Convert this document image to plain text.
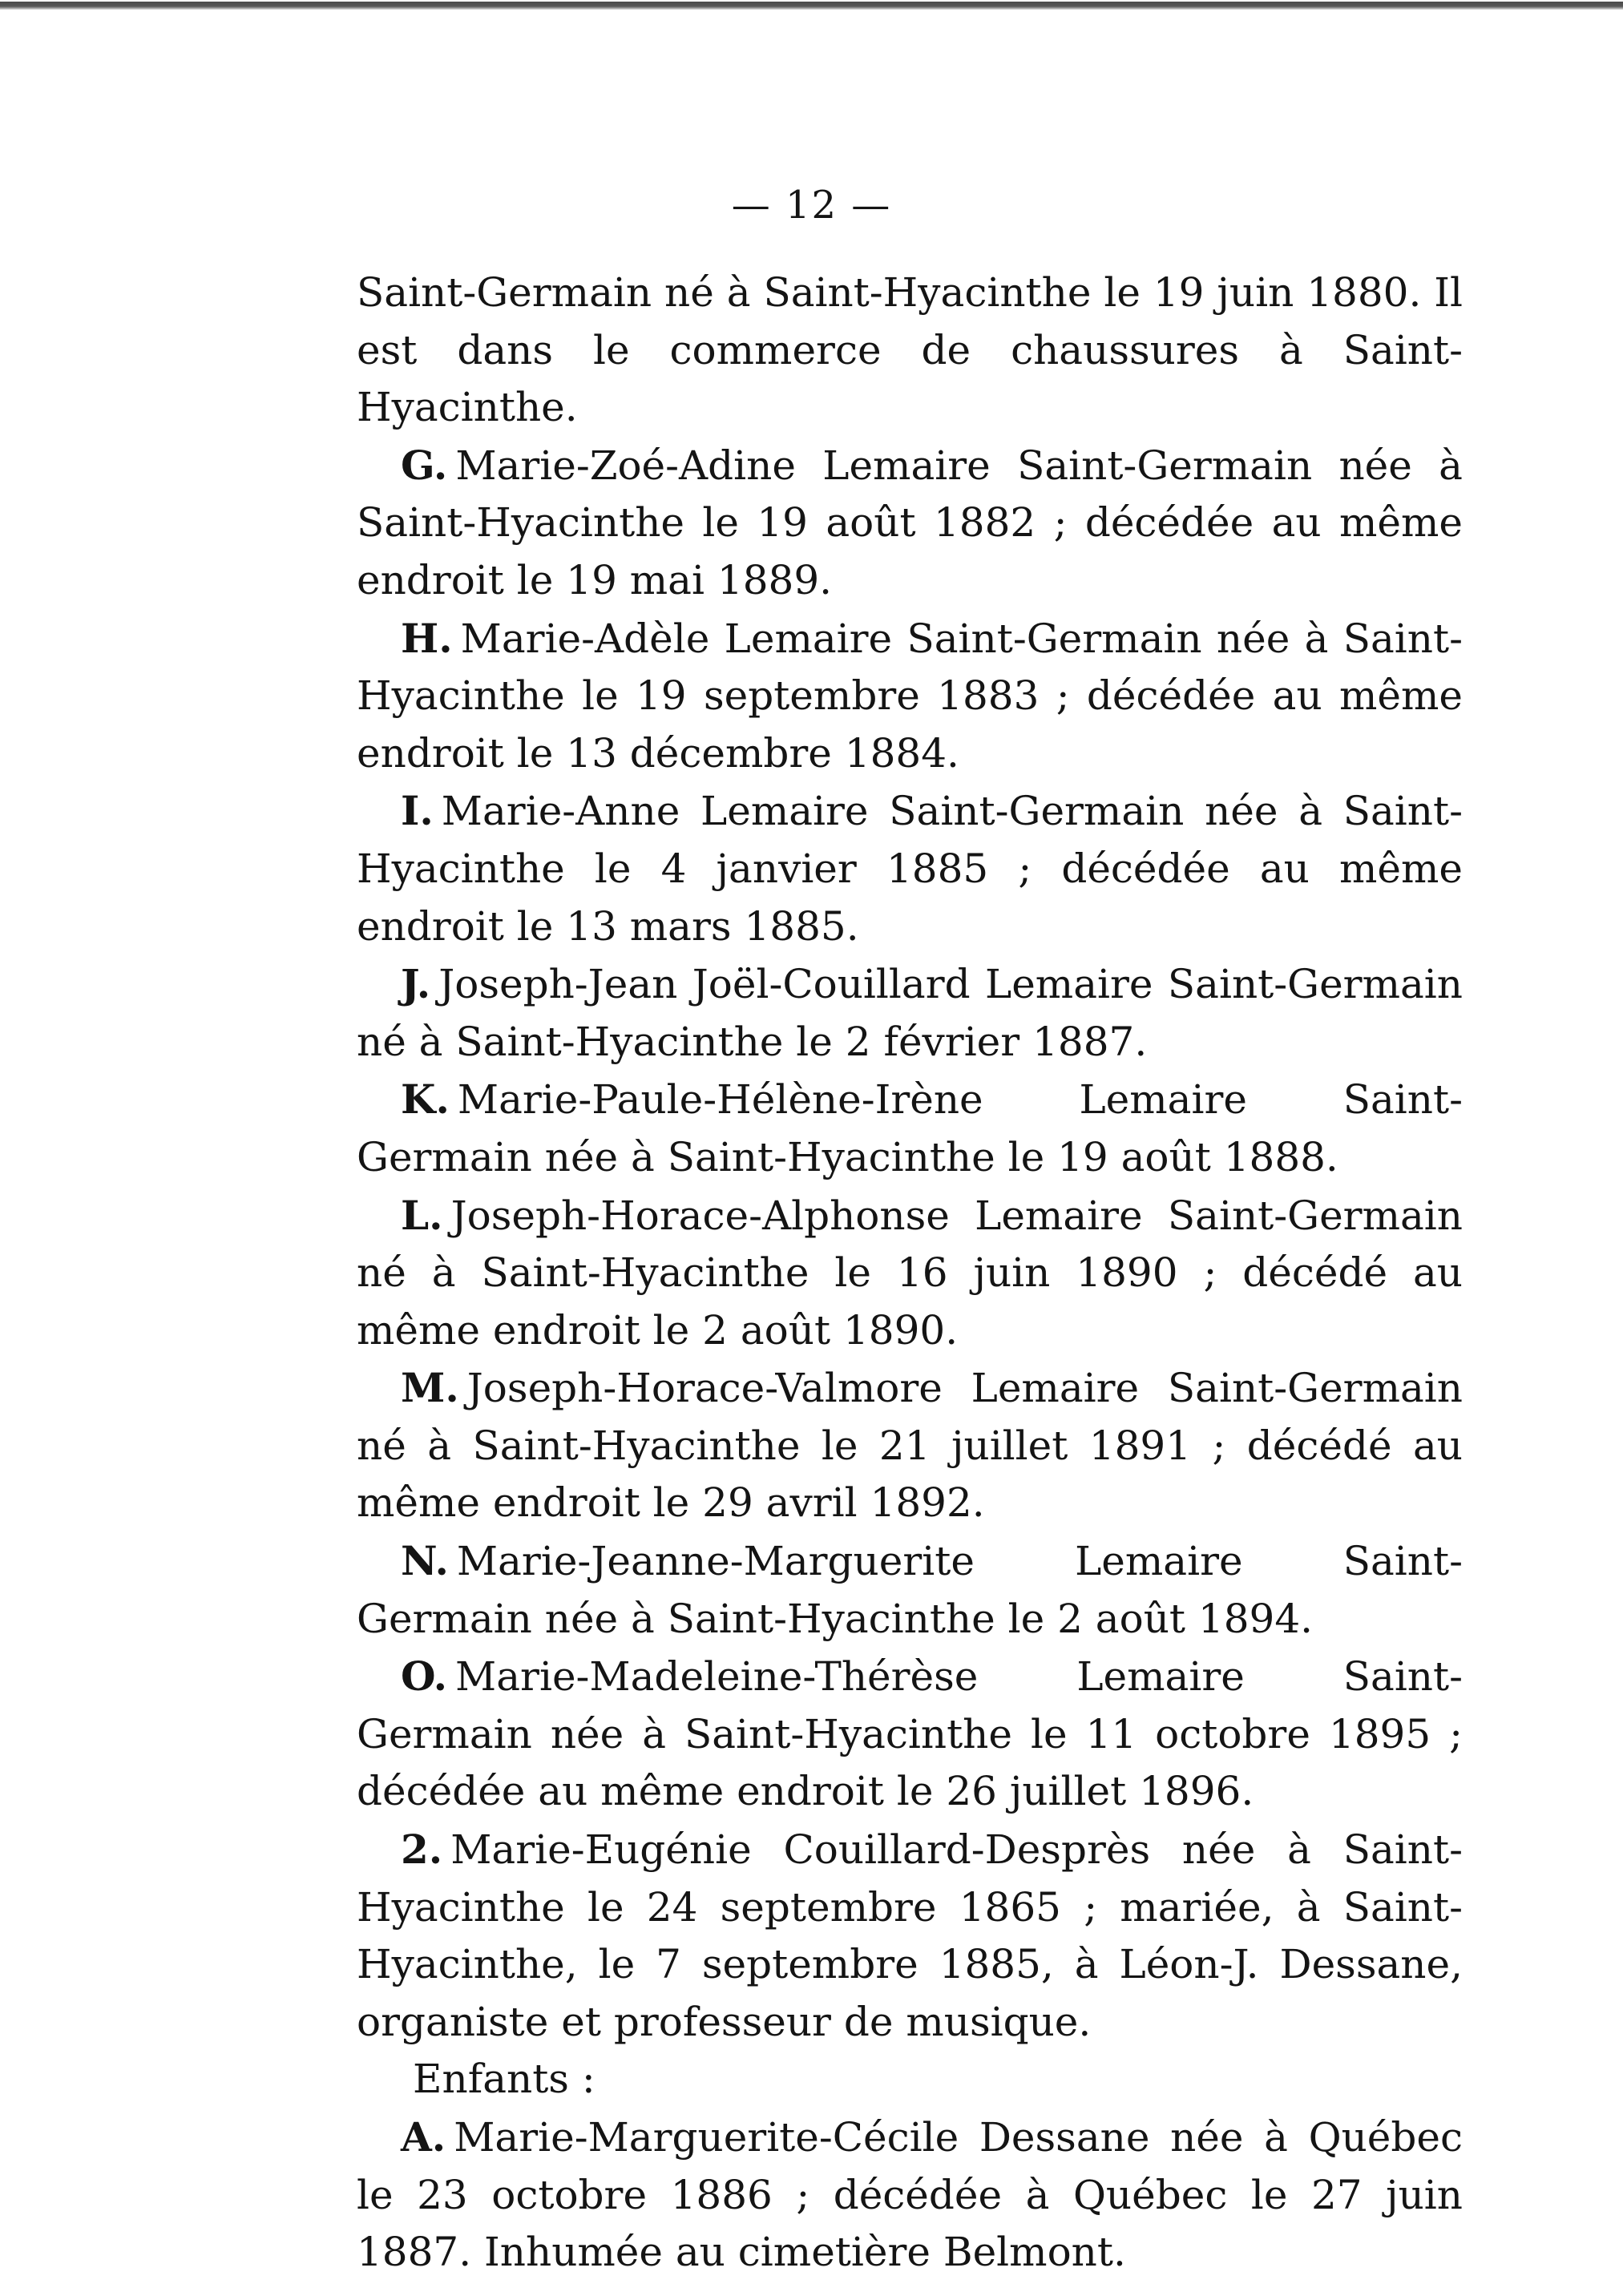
— 12 —

Saint-Germain né à Saint-Hyacinthe le 19 juin 1880. Il est dans le commerce de chaussures à Saint-Hyacinthe.

G. Marie-Zoé-Adine Lemaire Saint-Germain née à Saint-Hyacinthe le 19 août 1882 ; décédée au même endroit le 19 mai 1889.

H. Marie-Adèle Lemaire Saint-Germain née à Saint-Hyacinthe le 19 septembre 1883 ; décédée au même endroit le 13 décembre 1884.

I. Marie-Anne Lemaire Saint-Germain née à Saint-Hyacinthe le 4 janvier 1885 ; décédée au même endroit le 13 mars 1885.

J. Joseph-Jean Joël-Couillard Lemaire Saint-Germain né à Saint-Hyacinthe le 2 février 1887.

K. Marie-Paule-Hélène-Irène Lemaire Saint-Germain née à Saint-Hyacinthe le 19 août 1888.

L. Joseph-Horace-Alphonse Lemaire Saint-Germain né à Saint-Hyacinthe le 16 juin 1890 ; décédé au même endroit le 2 août 1890.

M. Joseph-Horace-Valmore Lemaire Saint-Germain né à Saint-Hyacinthe le 21 juillet 1891 ; décédé au même endroit le 29 avril 1892.

N. Marie-Jeanne-Marguerite Lemaire Saint-Germain née à Saint-Hyacinthe le 2 août 1894.

O. Marie-Madeleine-Thérèse Lemaire Saint-Germain née à Saint-Hyacinthe le 11 octobre 1895 ; décédée au même endroit le 26 juillet 1896.

2. Marie-Eugénie Couillard-Desprès née à Saint-Hyacinthe le 24 septembre 1865 ; mariée, à Saint-Hyacinthe, le 7 septembre 1885, à Léon-J. Dessane, organiste et professeur de musique.

Enfants :

A. Marie-Marguerite-Cécile Dessane née à Québec le 23 octobre 1886 ; décédée à Québec le 27 juin 1887. Inhumée au cimetière Belmont.
